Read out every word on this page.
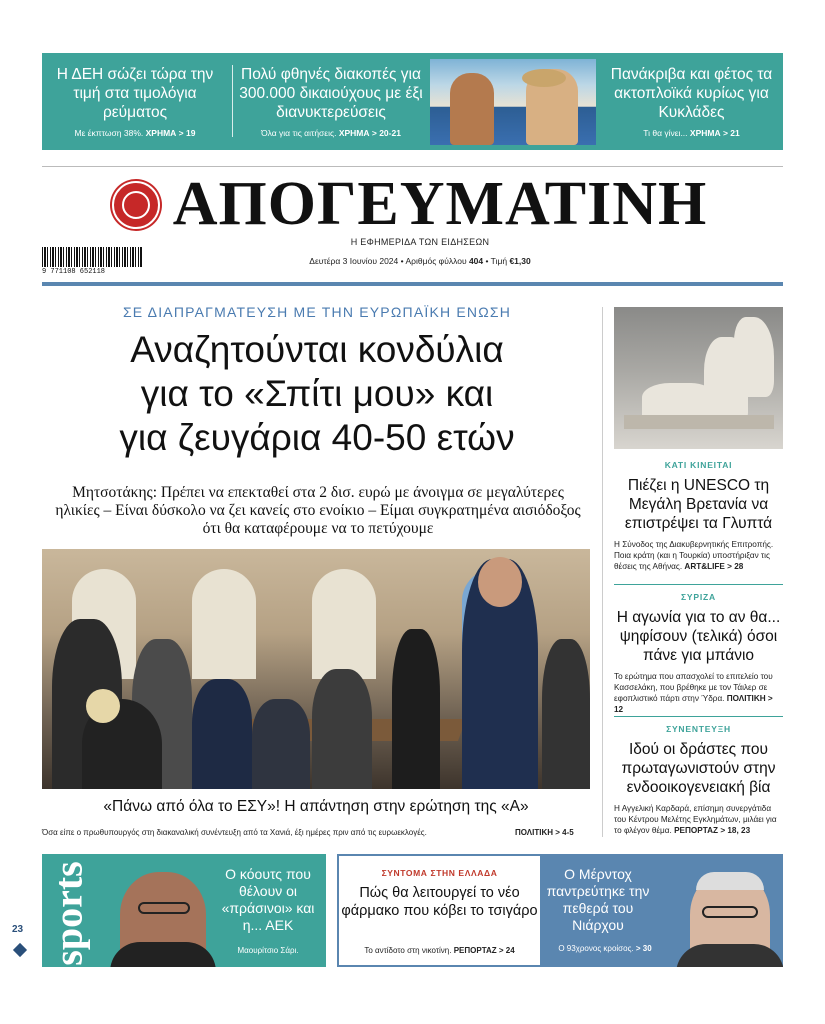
Η ΔΕΗ σώζει τώρα την τιμή στα τιμολόγια ρεύματος
Με έκπτωση 38%. ΧΡΗΜΑ > 19
Πολύ φθηνές διακοπές για 300.000 δικαιούχους με έξι διανυκτερεύσεις
Όλα για τις αιτήσεις. ΧΡΗΜΑ > 20-21
Πανάκριβα και φέτος τα ακτοπλοϊκά κυρίως για Κυκλάδες
Τι θα γίνει... ΧΡΗΜΑ > 21
ΑΠΟΓΕΥΜΑΤΙΝΗ
Η ΕΦΗΜΕΡΙΔΑ ΤΩΝ ΕΙΔΗΣΕΩΝ
Δευτέρα 3 Ιουνίου 2024 • Αριθμός φύλλου 404 • Τιμή €1,30
9 771108 652118
ΣΕ ΔΙΑΠΡΑΓΜΑΤΕΥΣΗ ΜΕ ΤΗΝ ΕΥΡΩΠΑΪΚΗ ΕΝΩΣΗ
Αναζητούνται κονδύλια
για το «Σπίτι μου» και
για ζευγάρια 40-50 ετών
Μητσοτάκης: Πρέπει να επεκταθεί στα 2 δισ. ευρώ με άνοιγμα σε μεγαλύτερες ηλικίες – Είναι δύσκολο να ζει κανείς στο ενοίκιο – Είμαι συγκρατημένα αισιόδοξος ότι θα καταφέρουμε να το πετύχουμε
«Πάνω από όλα το ΕΣΥ»! Η απάντηση στην ερώτηση της «Α»
Όσα είπε ο πρωθυπουργός στη διακαναλική συνέντευξη από τα Χανιά, έξι ημέρες πριν από τις ευρωεκλογές.	ΠΟΛΙΤΙΚΗ > 4-5
ΚΑΤΙ ΚΙΝΕΙΤΑΙ
Πιέζει η UNESCO τη Μεγάλη Βρετανία να επιστρέψει τα Γλυπτά
Η Σύνοδος της Διακυβερνητικής Επιτροπής. Ποια κράτη (και η Τουρκία) υποστήριξαν τις θέσεις της Αθήνας. ART&LIFE > 28
ΣΥΡΙΖΑ
Η αγωνία για το αν θα... ψηφίσουν (τελικά) όσοι πάνε για μπάνιο
Το ερώτημα που απασχολεί το επιτελείο του Κασσελάκη, που βρέθηκε με τον Τάιλερ σε εφοπλιστικό πάρτι στην Ύδρα. ΠΟΛΙΤΙΚΗ > 12
ΣΥΝΕΝΤΕΥΞΗ
Ιδού οι δράστες που πρωταγωνιστούν στην ενδοοικογενειακή βία
Η Αγγελική Καρδαρά, επίσημη συνεργάτιδα του Κέντρου Μελέτης Εγκλημάτων, μιλάει για το φλέγον θέμα. ΡΕΠΟΡΤΑΖ > 18, 23
sports	Ο κόουτς που θέλουν οι «πράσινοι» και η... ΑΕΚ
Μαουρίτσιο Σάρι.
ΣΥΝΤΟΜΑ ΣΤΗΝ ΕΛΛΑΔΑ
Πώς θα λειτουργεί το νέο φάρμακο που κόβει το τσιγάρο
Το αντίδοτο στη νικοτίνη. ΡΕΠΟΡΤΑΖ > 24
Ο Μέρντοχ παντρεύτηκε την πεθερά του Νιάρχου
Ο 93χρονος κροίσος. > 30
23
